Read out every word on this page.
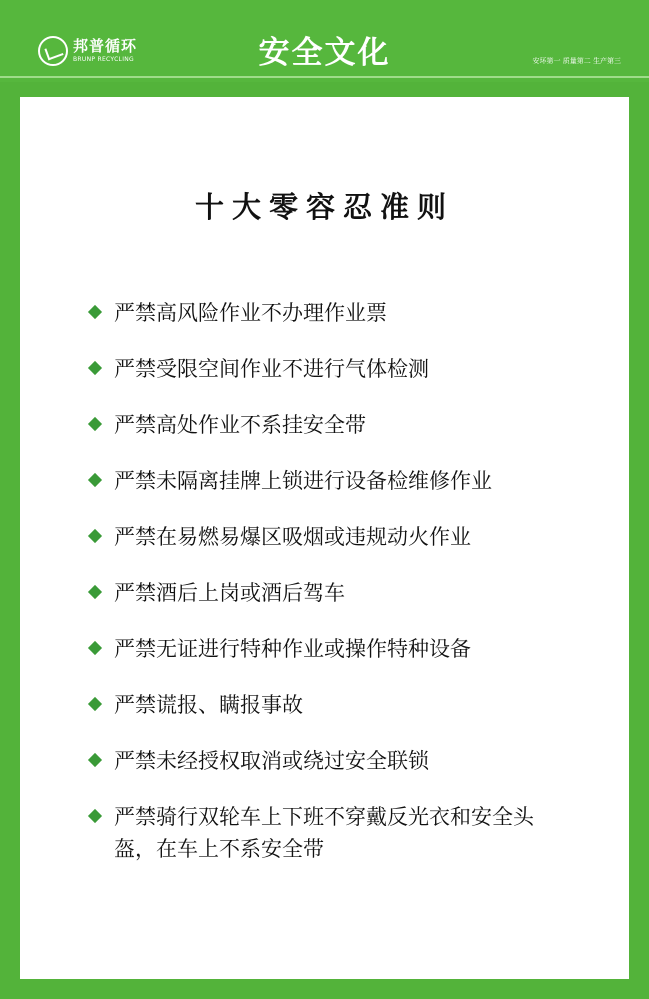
邦普循环
BRUNP RECYCLING	安全文化	安环第一 质量第二 生产第三
十大零容忍准则
严禁高风险作业不办理作业票
严禁受限空间作业不进行气体检测
严禁高处作业不系挂安全带
严禁未隔离挂牌上锁进行设备检维修作业
严禁在易燃易爆区吸烟或违规动火作业
严禁酒后上岗或酒后驾车
严禁无证进行特种作业或操作特种设备
严禁谎报、瞒报事故
严禁未经授权取消或绕过安全联锁
严禁骑行双轮车上下班不穿戴反光衣和安全头盔，在车上不系安全带
